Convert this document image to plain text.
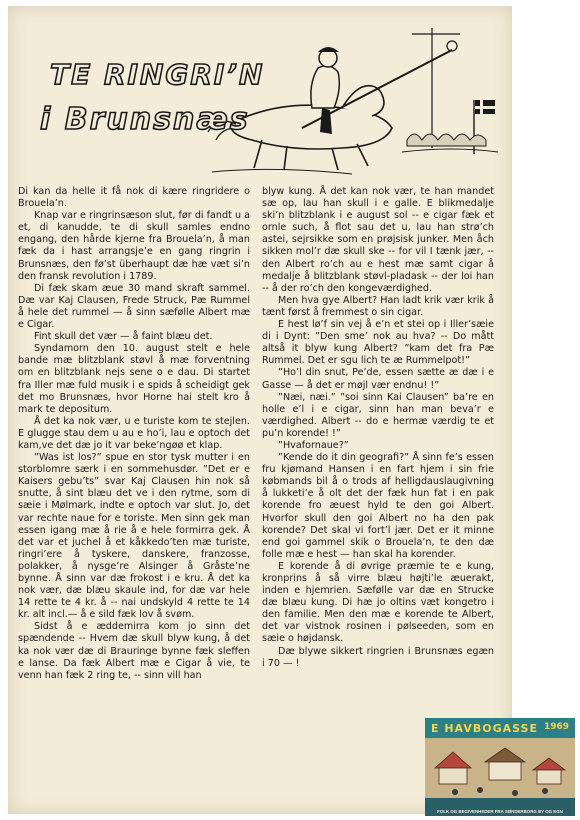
TE RINGRI’N
i Brunsnæs

Di kan da helle it få nok di kære ringridere o Brouela’n.

Knap var e ringrinsæson slut, før di fandt u a et, di kanudde, te di skull samles endno engang, den hårde kjerne fra Brouela’n, å man fæk da i hast arrangsje’e en gang ringrin i Brunsnæs, den fø’st überhaupt dæ hæ væt si’n den fransk revolution i 1789.

Di fæk skam æue 30 mand skraft sammel. Dæ var Kaj Clausen, Frede Struck, Pæ Rummel å hele det rummel — å sinn sæfølle Albert mæ e Cigar.

Fint skull det vær — å faint blæu det.

Syndamorn den 10. august stelt e hele bande mæ blitzblank støvl å mæ forventning om en blitzblank nejs sene o e dau. Di startet fra Iller mæ fuld musik i e spids å scheidigt gek det mo Brunsnæs, hvor Horne hai stelt kro å mark te depositum.

Å det ka nok vær, u e turiste kom te stejlen. E glugge stau dem u au e ho’i, lau e optoch det kam,ve det dæ jo it var beke’ngøø et klap.

”Was ist los?” spue en stor tysk mutter i en storblomre særk i en sommehusdør. ”Det er e Kaisers gebu’ts” svar Kaj Clausen hin nok så snutte, å sint blæu det ve i den rytme, som di sæie i Mølmark, indte e optoch var slut. Jo, det var rechte naue for e toriste. Men sinn gek man essen igang mæ å rie å e hele formirra gek. Å det var et juchel å et kåkkedo’ten mæ turiste, ringri’ere å tyskere, danskere, franzosse, polakker, å nysge’re Alsinger å Gråste’ne bynne. Å sinn var dæ frokost i e kru. Å det ka nok vær, dæ blæu skaule ind, for dæ var hele 14 rette te 4 kr. å -- nai undskyld 4 rette te 14 kr. alt incl.— å e sild fæk lov å svøm.

Sidst å e æddemirra kom jo sinn det spændende -- Hvem dæ skull blyw kung, å det ka nok vær dæ di Brauringe bynne fæk sleffen e lanse. Da fæk Albert mæ e Cigar å vie, te venn han fæk 2 ring te, -- sinn vill han

blyw kung. Å det kan nok vær, te han mandet sæ op, lau han skull i e galle. E blikmedalje ski’n blitzblank i e august sol -- e cigar fæk et ornle such, å flot sau det u, lau han strø’ch astei, sejrsikke som en prøjsisk junker. Men åch sikken mol’r dæ skull ske -- for vil I tænk jær, -- den Albert ro’ch au e hest mæ samt cigar å medalje å blitzblank støvl-pladask -- der loi han -- å der ro’ch den kongeværdighed.

Men hva gye Albert? Han ladt krik vær krik å tænt først å fremmest o sin cigar.

E hest lø’f sin vej å e’n et stei op i Iller’sæie di i Dynt: ”Den sme’ nok au hva? -- Do mått altså it blyw kung Albert? ”kam det fra Pæ Rummel. Det er sgu lich te æ Rummelpot!”

”Ho’l din snut, Pe’de, essen sætte æ dæ i e Gasse — å det er møjl vær endnu! !”

”Næi, næi.” ”soi sinn Kai Clausen” ba’re en holle e’l i e cigar, sinn han man beva’r e værdighed. Albert -- do e hermæ værdig te et pu’n korende! !”

”Hvafornaue?”

”Kende do it din geografi?” Å sinn fe’s essen fru kjømand Hansen i en fart hjem i sin frie købmands bil å o trods af helligdauslaugivning å lukketi’e å olt det der fæk hun fat i en pak korende fro æuest hyld te den goi Albert. Hvorfor skull den goi Albert no ha den pak korende? Det skal vi fort’l jær. Det er it minne end goi gammel skik o Brouela’n, te den dæ folle mæ e hest — han skal ha korender.

E korende å di øvrige præmie te e kung, kronprins å så virre blæu højti’le æuerakt, inden e hjemrien. Sæfølle var dæ en Strucke dæ blæu kung. Di hæ jo oltins væt kongetro i den familie. Men den mæ e korende te Albert, det var vistnok rosinen i pølseeden, som en sæie o højdansk.

Dæ blywe sikkert ringrien i Brunsnæs egæn i 70 — !

E HAVBOGASSE 1969
FOLK OG BEGIVENHEDER FRA SØNDERBORG BY OG EGN
